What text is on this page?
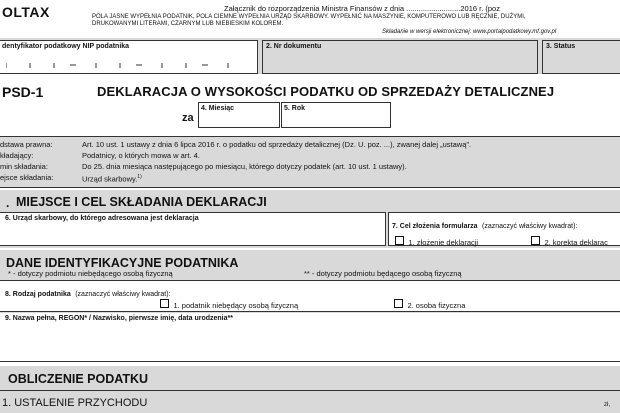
OLTAX	Załącznik do rozporządzenia Ministra Finansów z dnia ..........................2016 r. (poz
POLA JASNE WYPEŁNIA PODATNIK, POLA CIEMNE WYPEŁNIA URZĄD SKARBOWY. WYPEŁNIĆ NA MASZYNIE, KOMPUTEROWO LUB RĘCZNIE, DUŻYMI,
DRUKOWANYMI LITERAMI, CZARNYM LUB NIEBIESKIM KOLOREM.
Składanie w wersji elektronicznej: www.portalpodatkowy.mf.gov.pl
dentyfikator podatkowy NIP podatnika	2. Nr dokumentu	3. Status
PSD-1	DEKLARACJA O WYSOKOŚCI PODATKU OD SPRZEDAŻY DETALICZNEJ
za
4. Miesiąc	5. Rok
dstawa prawna:	Art. 10 ust. 1 ustawy z dnia 6 lipca 2016 r. o podatku od sprzedaży detalicznej (Dz. U. poz. ...), zwanej dalej „ustawą”.
kładający:	Podatnicy, o których mowa w art. 4.
min składania:	Do 25. dnia miesiąca następującego po miesiącu, którego dotyczy podatek (art. 10 ust. 1 ustawy).
ejsce składania:	Urząd skarbowy.$^{1)}$
. MIEJSCE I CEL SKŁADANIA DEKLARACJI
6. Urząd skarbowy, do którego adresowana jest deklaracja
7. Cel złożenia formularza (zaznaczyć właściwy kwadrat):
1. złożenie deklaracji	2. korekta deklarac
DANE IDENTYFIKACYJNE PODATNIKA
* - dotyczy podmiotu niebędącego osobą fizyczną	** - dotyczy podmiotu będącego osobą fizyczną
8. Rodzaj podatnika (zaznaczyć właściwy kwadrat):
1. podatnik niebędący osobą fizyczną	2. osoba fizyczna
9. Nazwa pełna, REGON* / Nazwisko, pierwsze imię, data urodzenia**
OBLICZENIE PODATKU
1. USTALENIE PRZYCHODU	zł,
